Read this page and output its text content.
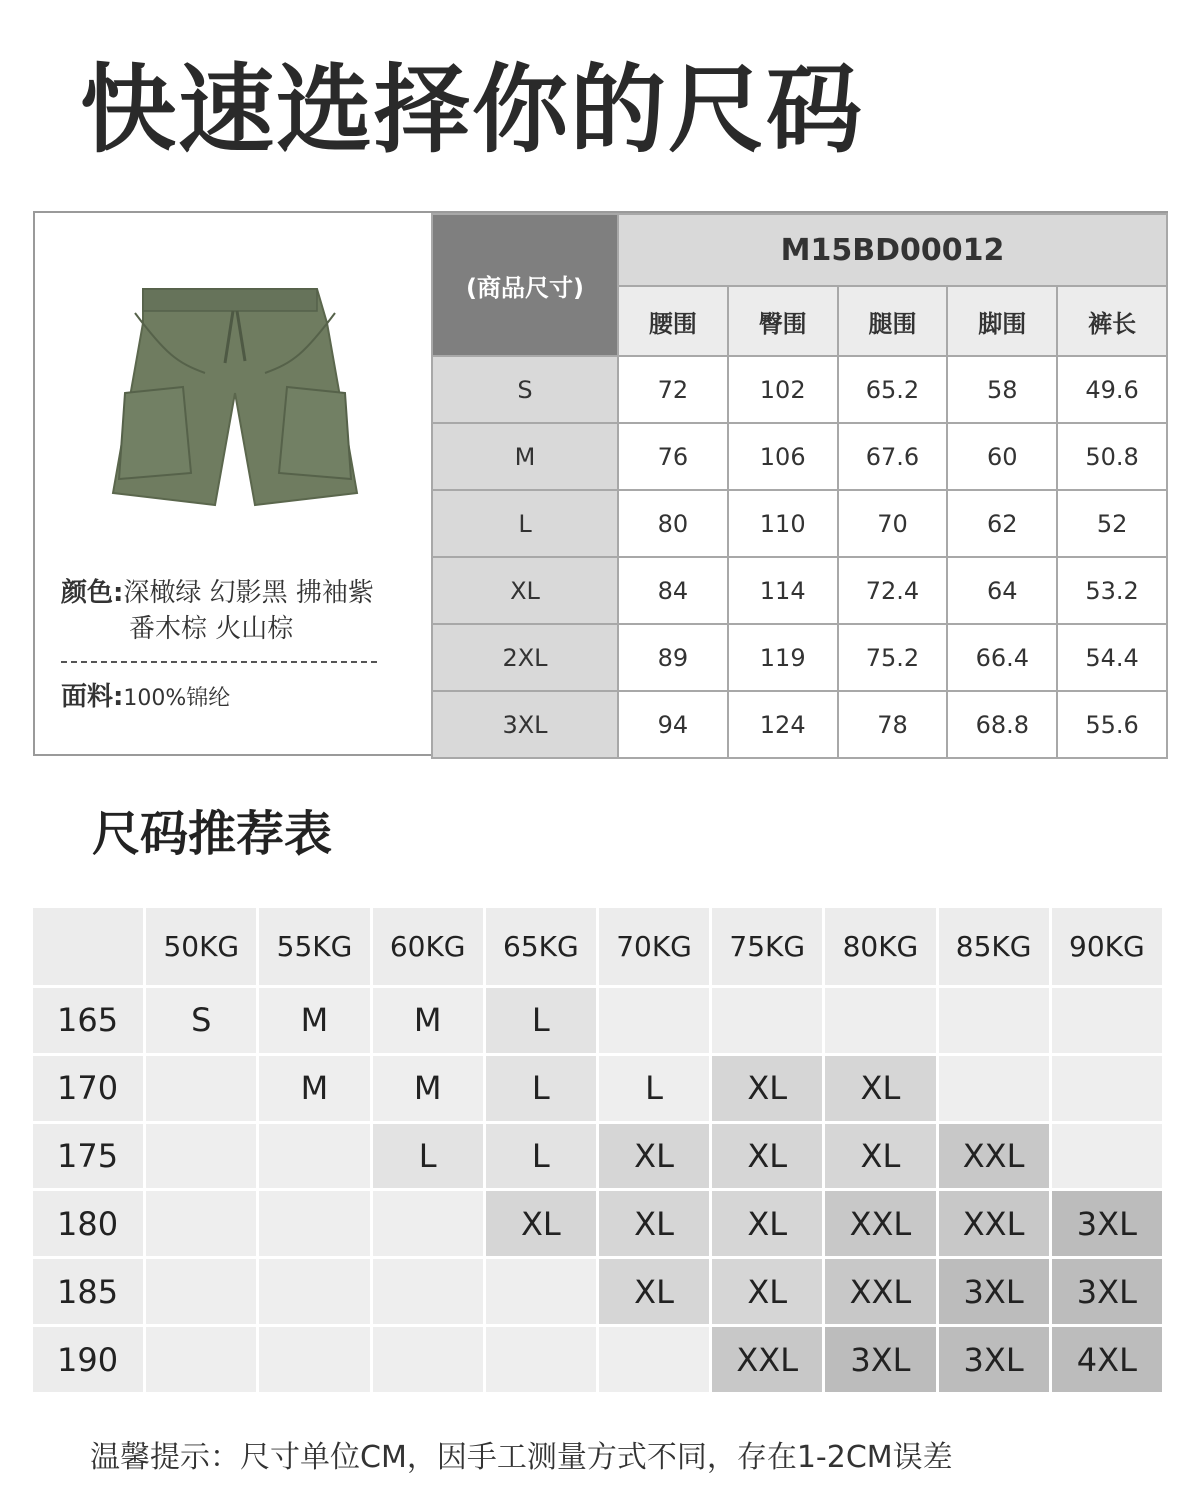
快速选择你的尺码
颜色:深橄绿 幻影黑 拂袖紫
番木棕 火山棕
面料:100%锦纶
(商品尺寸)	M15BD00012				
	腰围	臀围	腿围	脚围	裤长
S	72	102	65.2	58	49.6
M	76	106	67.6	60	50.8
L	80	110	70	62	52
XL	84	114	72.4	64	53.2
2XL	89	119	75.2	66.4	54.4
3XL	94	124	78	68.8	55.6
尺码推荐表
	50KG	55KG	60KG	65KG	70KG	75KG	80KG	85KG	90KG
165	S	M	M	L					
170		M	M	L	L	XL	XL		
175			L	L	XL	XL	XL	XXL	
180				XL	XL	XL	XXL	XXL	3XL
185					XL	XL	XXL	3XL	3XL
190						XXL	3XL	3XL	4XL
温馨提示：尺寸单位CM，因手工测量方式不同，存在1-2CM误差
